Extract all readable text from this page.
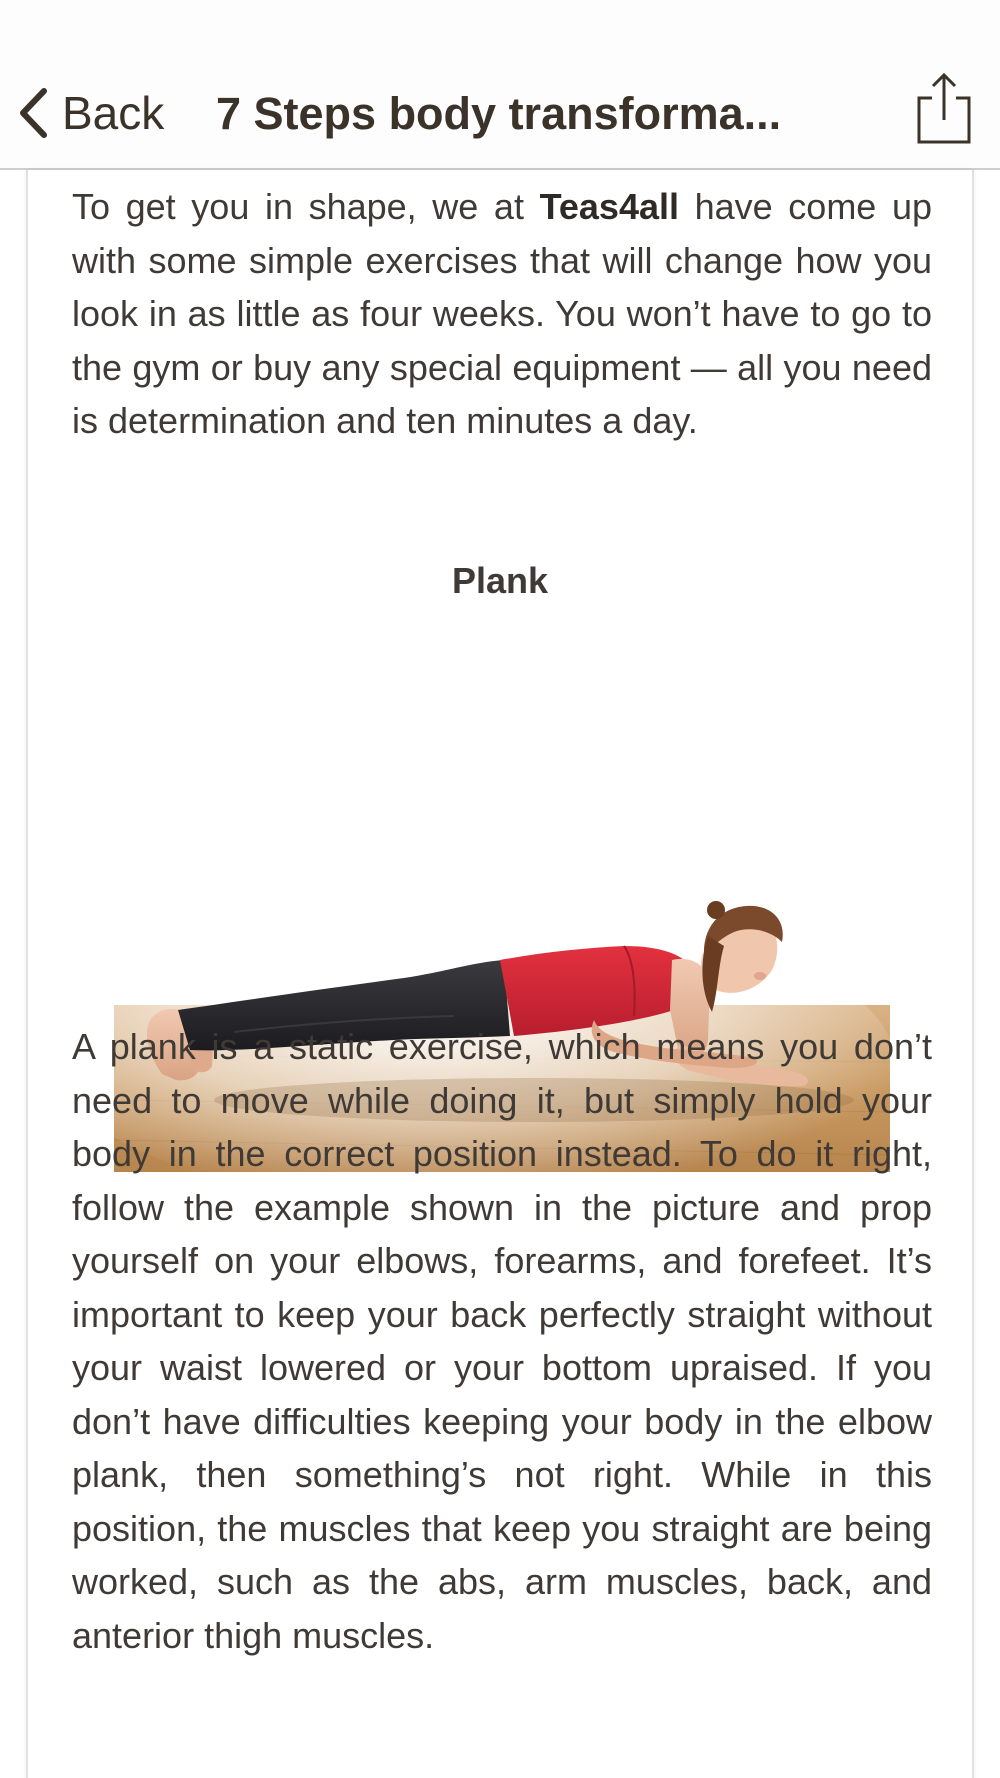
Back 7 Steps body transforma...

To get you in shape, we at Teas4all have come up with some simple exercises that will change how you look in as little as four weeks. You won’t have to go to the gym or buy any special equipment — all you need is determination and ten minutes a day.

Plank

A plank is a static exercise, which means you don’t need to move while doing it, but simply hold your body in the correct position instead. To do it right, follow the example shown in the picture and prop yourself on your elbows, forearms, and forefeet. It’s important to keep your back perfectly straight without your waist lowered or your bottom upraised. If you don’t have difficulties keeping your body in the elbow plank, then something’s not right. While in this position, the muscles that keep you straight are being worked, such as the abs, arm muscles, back, and anterior thigh muscles.
